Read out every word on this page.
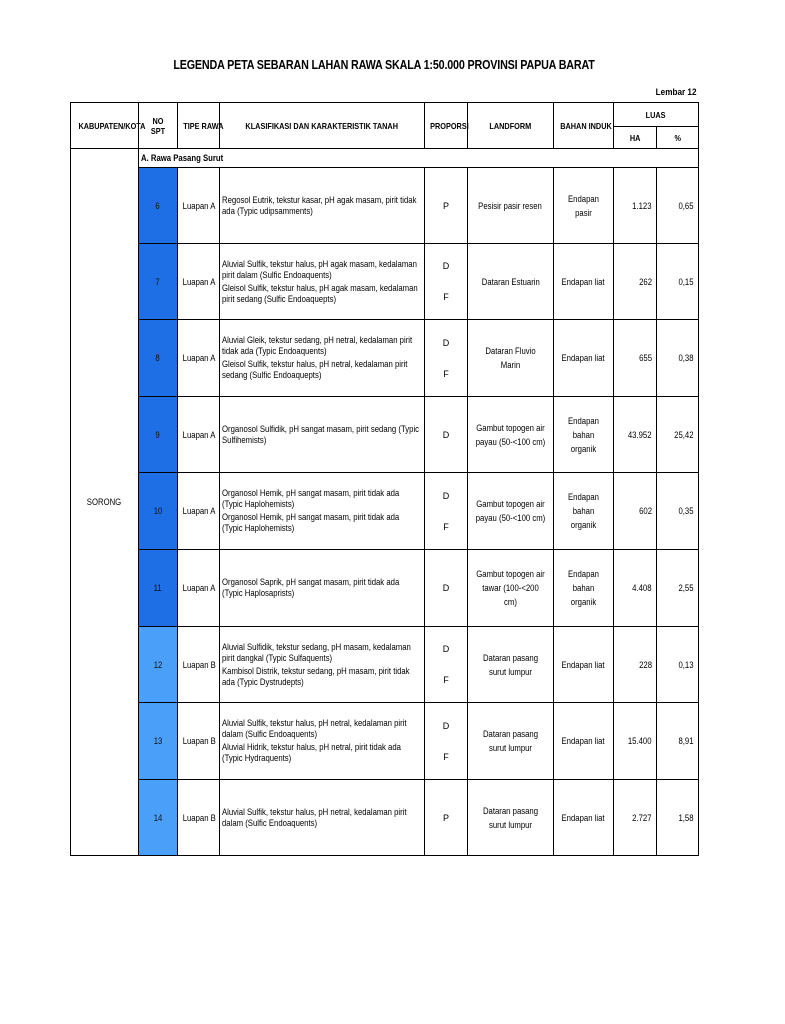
LEGENDA PETA SEBARAN LAHAN RAWA SKALA 1:50.000 PROVINSI PAPUA BARAT
Lembar 12
KABUPATEN/KOTA	NO SPT	TIPE RAWA	KLASIFIKASI DAN KARAKTERISTIK TANAH	PROPORSI	LANDFORM	BAHAN INDUK	LUAS	
							HA	%
SORONG	A. Rawa Pasang Surut							
	6	Luapan A	Regosol Eutrik, tekstur kasar, pH agak masam, pirit tidak ada (Typic udipsamments)	P	Pesisir pasir resen	Endapan pasir	1.123	0,65
	7	Luapan A	Aluvial Sulfik, tekstur halus, pH agak masam, kedalaman pirit dalam (Sulfic Endoaquents)
Gleisol Sulfik, tekstur halus, pH agak masam, kedalaman pirit sedang (Sulfic Endoaquepts)	D
F	Dataran Estuarin	Endapan liat	262	0,15
	8	Luapan A	Aluvial Gleik, tekstur sedang, pH netral, kedalaman pirit tidak ada (Typic Endoaquents)
Gleisol Sulfik, tekstur halus, pH netral, kedalaman pirit sedang (Sulfic Endoaquepts)	D
F	Dataran Fluvio Marin	Endapan liat	655	0,38
	9	Luapan A	Organosol Sulfidik, pH sangat masam, pirit sedang (Typic Sulfihemists)	D	Gambut topogen air payau (50-<100 cm)	Endapan bahan organik	43.952	25,42
	10	Luapan A	Organosol Hemik, pH sangat masam, pirit tidak ada (Typic Haplohemists)
Organosol Hemik, pH sangat masam, pirit tidak ada (Typic Haplohemists)	D
F	Gambut topogen air payau (50-<100 cm)	Endapan bahan organik	602	0,35
	11	Luapan A	Organosol Saprik, pH sangat masam, pirit tidak ada (Typic Haplosaprists)	D	Gambut topogen air tawar (100-<200 cm)	Endapan bahan organik	4.408	2,55
	12	Luapan B	Aluvial Sulfidik, tekstur sedang, pH masam, kedalaman pirit dangkal (Typic Sulfaquents)
Kambisol Distrik, tekstur sedang, pH masam, pirit tidak ada (Typic Dystrudepts)	D
F	Dataran pasang surut lumpur	Endapan liat	228	0,13
	13	Luapan B	Aluvial Sulfik, tekstur halus, pH netral, kedalaman pirit dalam (Sulfic Endoaquents)
Aluvial Hidrik, tekstur halus, pH netral, pirit tidak ada (Typic Hydraquents)	D
F	Dataran pasang surut lumpur	Endapan liat	15.400	8,91
	14	Luapan B	Aluvial Sulfik, tekstur halus, pH netral, kedalaman pirit dalam (Sulfic Endoaquents)	P	Dataran pasang surut lumpur	Endapan liat	2.727	1,58
